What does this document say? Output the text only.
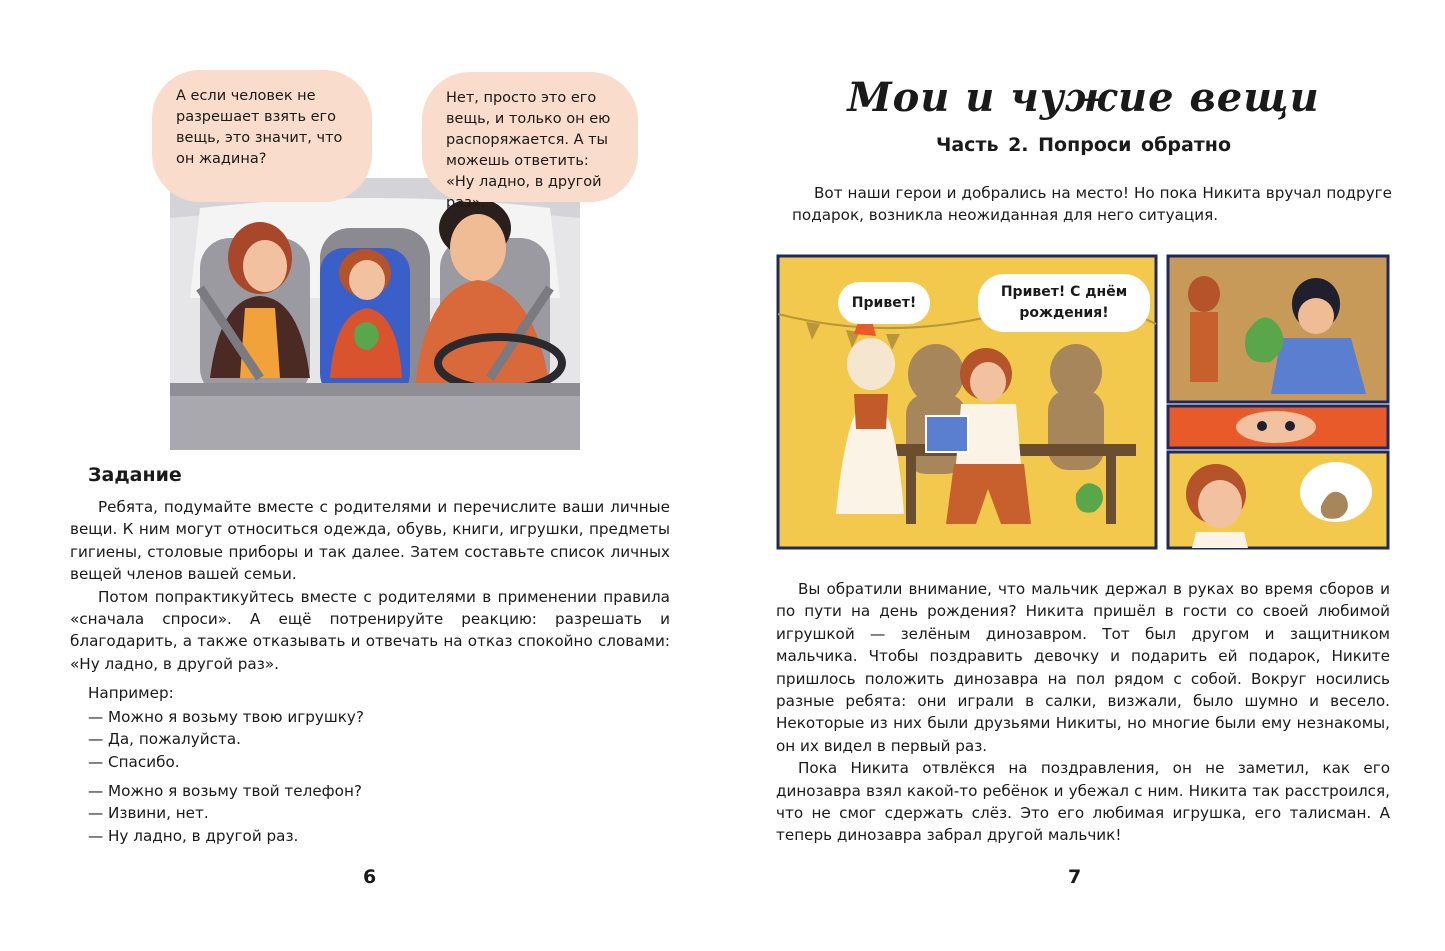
А если человек не разрешает взять его вещь, это значит, что он жадина?

Нет, просто это его вещь, и только он ею распоряжается. А ты можешь ответить: «Ну ладно, в другой раз».

Задание

Ребята, подумайте вместе с родителями и перечислите ваши личные вещи. К ним могут относиться одежда, обувь, книги, игрушки, предметы гигиены, столовые приборы и так далее. Затем составьте список личных вещей членов вашей семьи.

Потом попрактикуйтесь вместе с родителями в применении правила «сначала спроси». А ещё потренируйте реакцию: разрешать и благодарить, а также отказывать и отвечать на отказ спокойно словами: «Ну ладно, в другой раз».

Например:

— Можно я возьму твою игрушку?
— Да, пожалуйста.
— Спасибо.
— Можно я возьму твой телефон?
— Извини, нет.
— Ну ладно, в другой раз.

6

Мои и чужие вещи
Часть 2. Попроси обратно

Вот наши герои и добрались на место! Но пока Никита вручал подруге подарок, возникла неожиданная для него ситуация.

Привет!

Привет! С днём рождения!

Вы обратили внимание, что мальчик держал в руках во время сборов и по пути на день рождения? Никита пришёл в гости со своей любимой игрушкой — зелёным динозавром. Тот был другом и защитником мальчика. Чтобы поздравить девочку и подарить ей подарок, Никите пришлось положить динозавра на пол рядом с собой. Вокруг носились разные ребята: они играли в салки, визжали, было шумно и весело. Некоторые из них были друзьями Никиты, но многие были ему незнакомы, он их видел в первый раз.

Пока Никита отвлёкся на поздравления, он не заметил, как его динозавра взял какой-то ребёнок и убежал с ним. Никита так расстроился, что не смог сдержать слёз. Это его любимая игрушка, его талисман. А теперь динозавра забрал другой мальчик!

7
